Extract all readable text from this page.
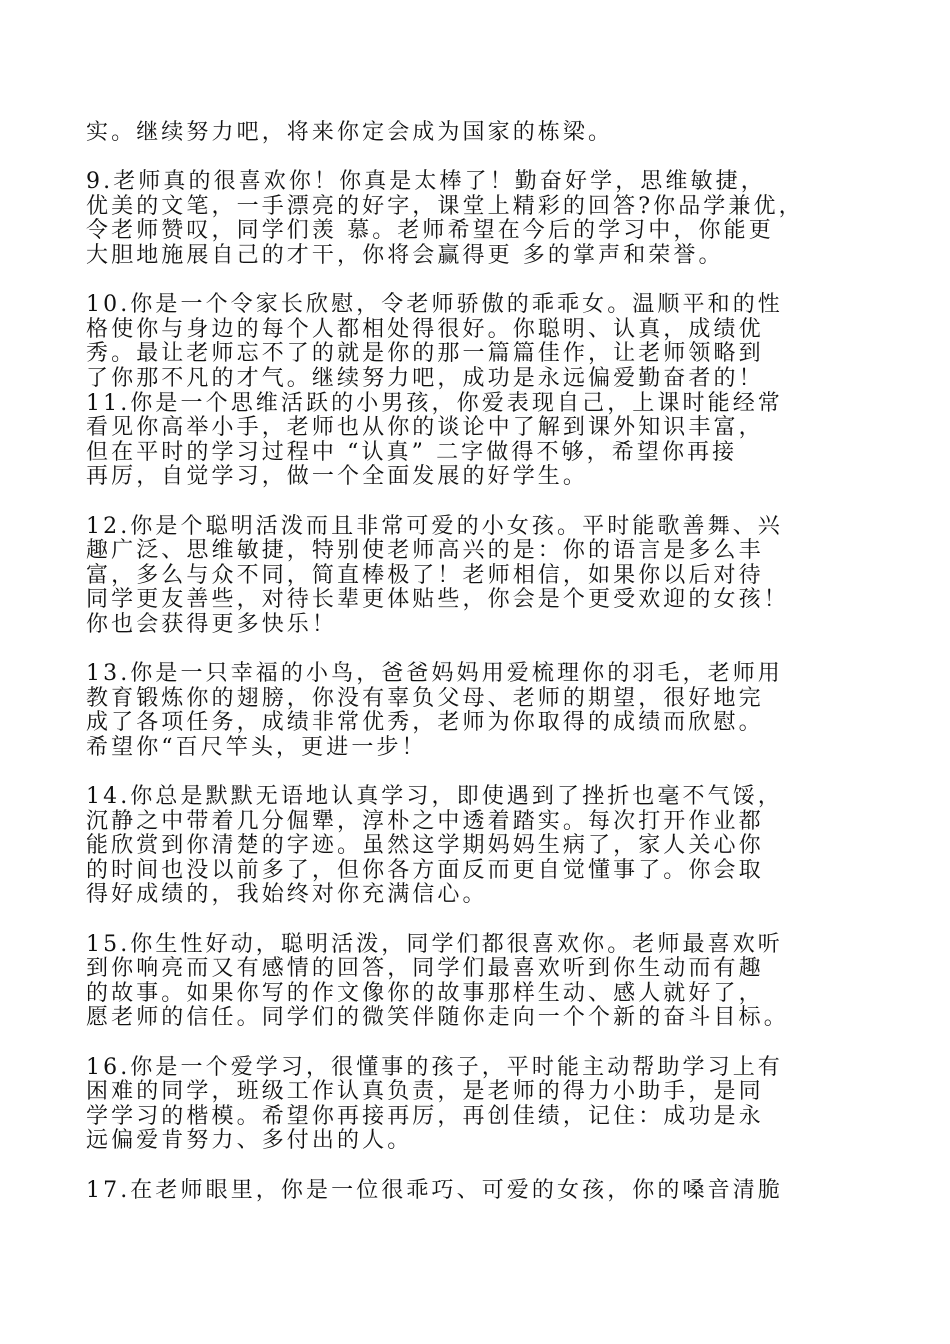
实。继续努力吧，将来你定会成为国家的栋梁。
9.老师真的很喜欢你！你真是太棒了！勤奋好学，思维敏捷，
优美的文笔，一手漂亮的好字，课堂上精彩的回答?你品学兼优，
令老师赞叹，同学们羡 慕。老师希望在今后的学习中，你能更
大胆地施展自己的才干，你将会赢得更 多的掌声和荣誉。
10.你是一个令家长欣慰，令老师骄傲的乖乖女。温顺平和的性
格使你与身边的每个人都相处得很好。你聪明、认真，成绩优
秀。最让老师忘不了的就是你的那一篇篇佳作，让老师领略到
了你那不凡的才气。继续努力吧，成功是永远偏爱勤奋者的！
11.你是一个思维活跃的小男孩，你爱表现自己，上课时能经常
看见你高举小手，老师也从你的谈论中了解到课外知识丰富，
但在平时的学习过程中 “认真” 二字做得不够，希望你再接
再厉，自觉学习，做一个全面发展的好学生。
12.你是个聪明活泼而且非常可爱的小女孩。平时能歌善舞、兴
趣广泛、思维敏捷，特别使老师高兴的是：你的语言是多么丰
富，多么与众不同，简直棒极了！老师相信，如果你以后对待
同学更友善些，对待长辈更体贴些，你会是个更受欢迎的女孩！
你也会获得更多快乐！
13.你是一只幸福的小鸟，爸爸妈妈用爱梳理你的羽毛，老师用
教育锻炼你的翅膀，你没有辜负父母、老师的期望，很好地完
成了各项任务，成绩非常优秀，老师为你取得的成绩而欣慰。
希望你“百尺竿头，更进一步！
14.你总是默默无语地认真学习，即使遇到了挫折也毫不气馁，
沉静之中带着几分倔犟，淳朴之中透着踏实。每次打开作业都
能欣赏到你清楚的字迹。虽然这学期妈妈生病了，家人关心你
的时间也没以前多了，但你各方面反而更自觉懂事了。你会取
得好成绩的，我始终对你充满信心。
15.你生性好动，聪明活泼，同学们都很喜欢你。老师最喜欢听
到你响亮而又有感情的回答，同学们最喜欢听到你生动而有趣
的故事。如果你写的作文像你的故事那样生动、感人就好了，
愿老师的信任。同学们的微笑伴随你走向一个个新的奋斗目标。
16.你是一个爱学习，很懂事的孩子，平时能主动帮助学习上有
困难的同学，班级工作认真负责，是老师的得力小助手，是同
学学习的楷模。希望你再接再厉，再创佳绩，记住：成功是永
远偏爱肯努力、多付出的人。
17.在老师眼里，你是一位很乖巧、可爱的女孩，你的嗓音清脆
